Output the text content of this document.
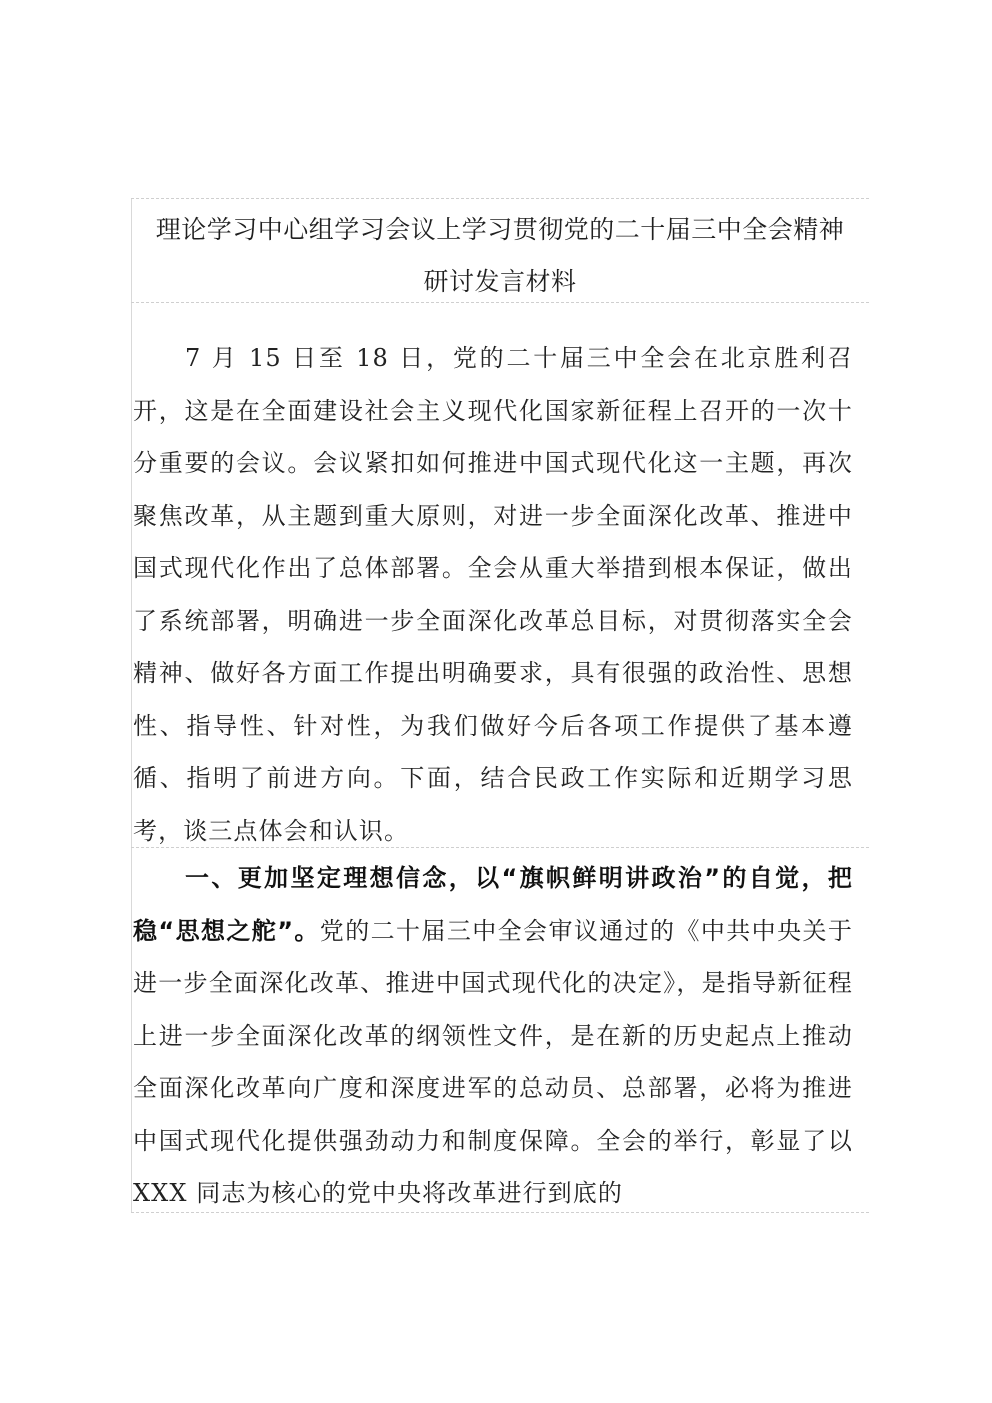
理论学习中心组学习会议上学习贯彻党的二十届三中全会精神
研讨发言材料

7 月 15 日至 18 日，党的二十届三中全会在北京胜利召开，这是在全面建设社会主义现代化国家新征程上召开的一次十分重要的会议。会议紧扣如何推进中国式现代化这一主题，再次聚焦改革，从主题到重大原则，对进一步全面深化改革、推进中国式现代化作出了总体部署。全会从重大举措到根本保证，做出了系统部署，明确进一步全面深化改革总目标，对贯彻落实全会精神、做好各方面工作提出明确要求，具有很强的政治性、思想性、指导性、针对性，为我们做好今后各项工作提供了基本遵循、指明了前进方向。下面，结合民政工作实际和近期学习思考，谈三点体会和认识。

一、更加坚定理想信念，以“旗帜鲜明讲政治”的自觉，把稳“思想之舵”。党的二十届三中全会审议通过的《中共中央关于进一步全面深化改革、推进中国式现代化的决定》，是指导新征程上进一步全面深化改革的纲领性文件，是在新的历史起点上推动全面深化改革向广度和深度进军的总动员、总部署，必将为推进中国式现代化提供强劲动力和制度保障。全会的举行，彰显了以 XXX 同志为核心的党中央将改革进行到底的
